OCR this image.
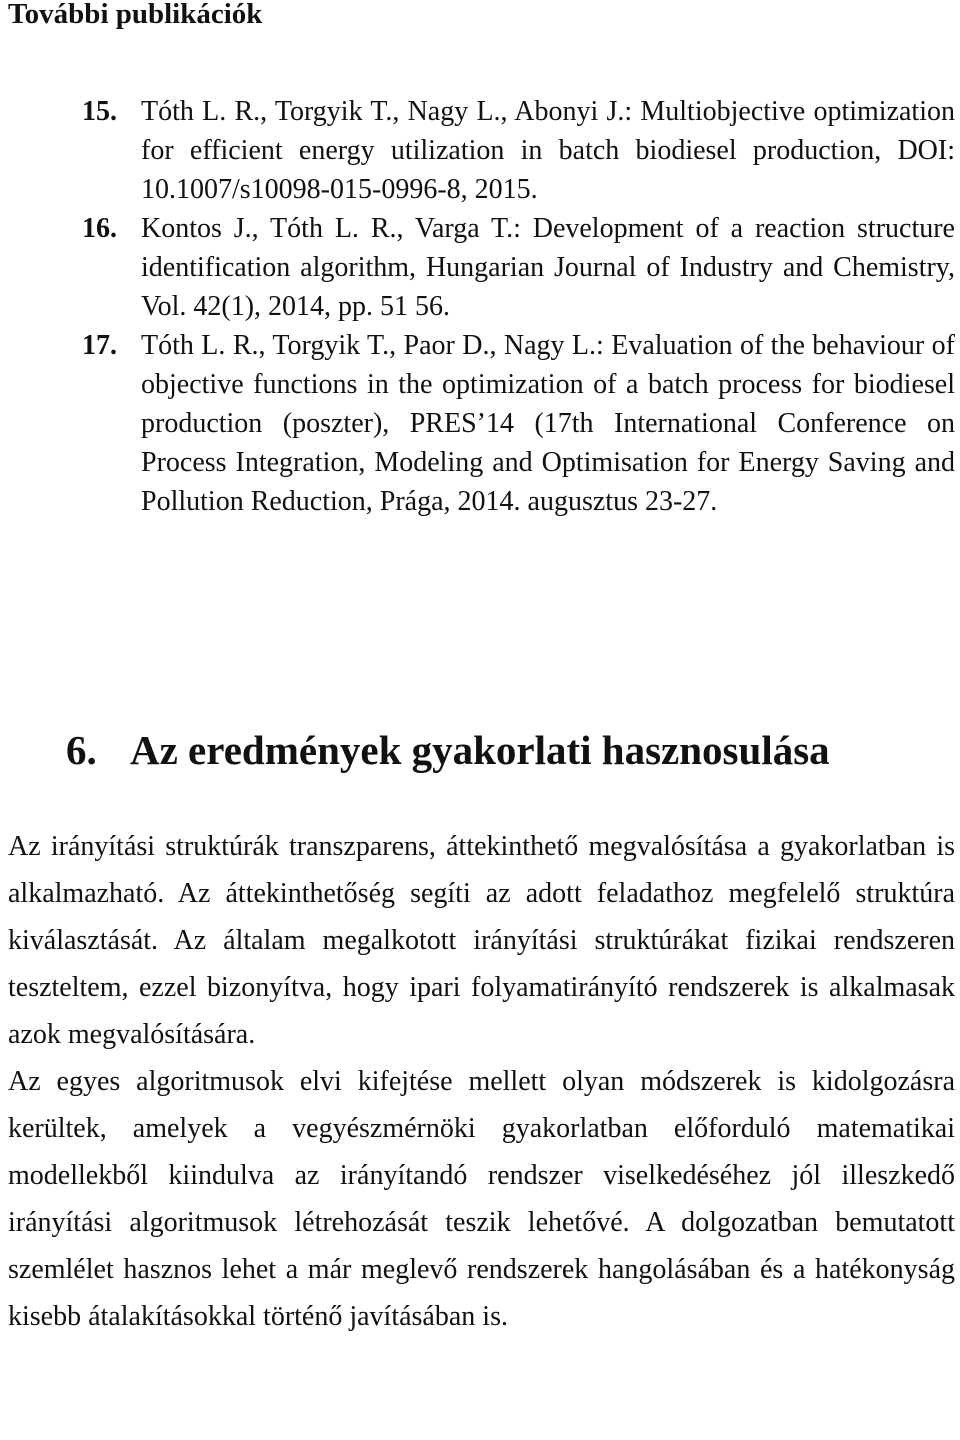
További publikációk
15. Tóth L. R., Torgyik T., Nagy L., Abonyi J.: Multiobjective optimization for efficient energy utilization in batch biodiesel production, DOI: 10.1007/s10098-015-0996-8, 2015.
16. Kontos J., Tóth L. R., Varga T.: Development of a reaction structure identification algorithm, Hungarian Journal of Industry and Chemistry, Vol. 42(1), 2014, pp. 51 56.
17. Tóth L. R., Torgyik T., Paor D., Nagy L.: Evaluation of the behaviour of objective functions in the optimization of a batch process for biodiesel production (poszter), PRES’14 (17th International Conference on Process Integration, Modeling and Optimisation for Energy Saving and Pollution Reduction, Prága, 2014. augusztus 23-27.
6. Az eredmények gyakorlati hasznosulása

Az irányítási struktúrák transzparens, áttekinthető megvalósítása a gyakorlatban is alkalmazható. Az áttekinthetőség segíti az adott feladathoz megfelelő struktúra kiválasztását. Az általam megalkotott irányítási struktúrákat fizikai rendszeren teszteltem, ezzel bizonyítva, hogy ipari folyamatirányító rendszerek is alkalmasak azok megvalósítására.

Az egyes algoritmusok elvi kifejtése mellett olyan módszerek is kidolgozásra kerültek, amelyek a vegyészmérnöki gyakorlatban előforduló matematikai modellekből kiindulva az irányítandó rendszer viselkedéséhez jól illeszkedő irányítási algoritmusok létrehozását teszik lehetővé. A dolgozatban bemutatott szemlélet hasznos lehet a már meglevő rendszerek hangolásában és a hatékonyság kisebb átalakításokkal történő javításában is.
